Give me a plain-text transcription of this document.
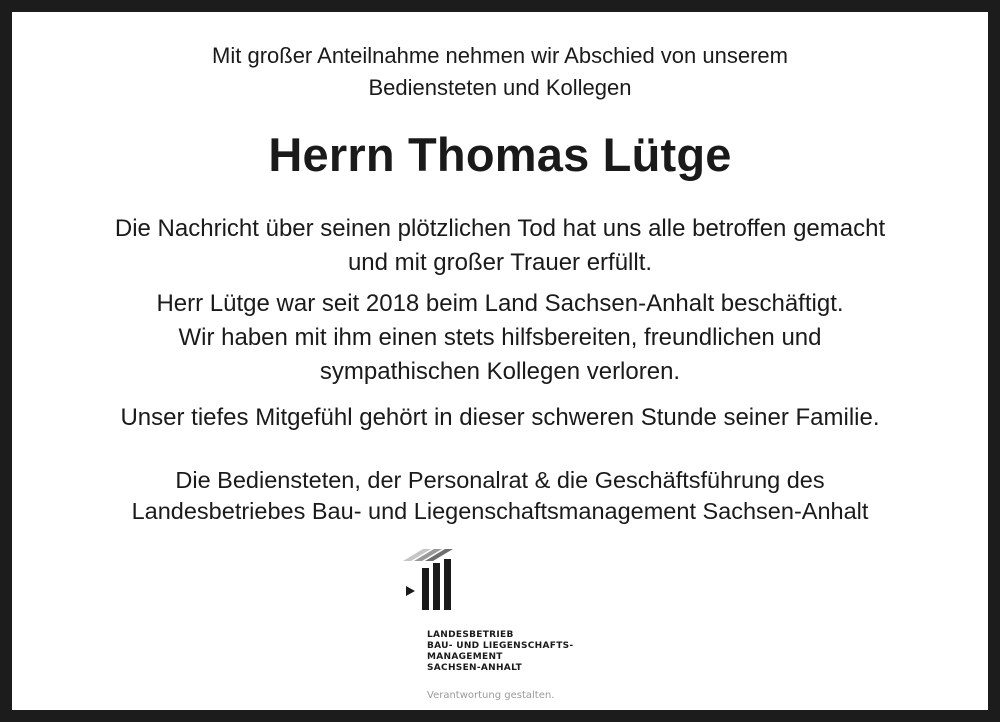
Mit großer Anteilnahme nehmen wir Abschied von unserem
Bediensteten und Kollegen
Herrn Thomas Lütge
Die Nachricht über seinen plötzlichen Tod hat uns alle betroffen gemacht
und mit großer Trauer erfüllt.
Herr Lütge war seit 2018 beim Land Sachsen-Anhalt beschäftigt.
Wir haben mit ihm einen stets hilfsbereiten, freundlichen und
sympathischen Kollegen verloren.
Unser tiefes Mitgefühl gehört in dieser schweren Stunde seiner Familie.
Die Bediensteten, der Personalrat & die Geschäftsführung des
Landesbetriebes Bau- und Liegenschaftsmanagement Sachsen-Anhalt
LANDESBETRIEB
BAU- UND LIEGENSCHAFTS-
MANAGEMENT
SACHSEN-ANHALT
Verantwortung gestalten.
